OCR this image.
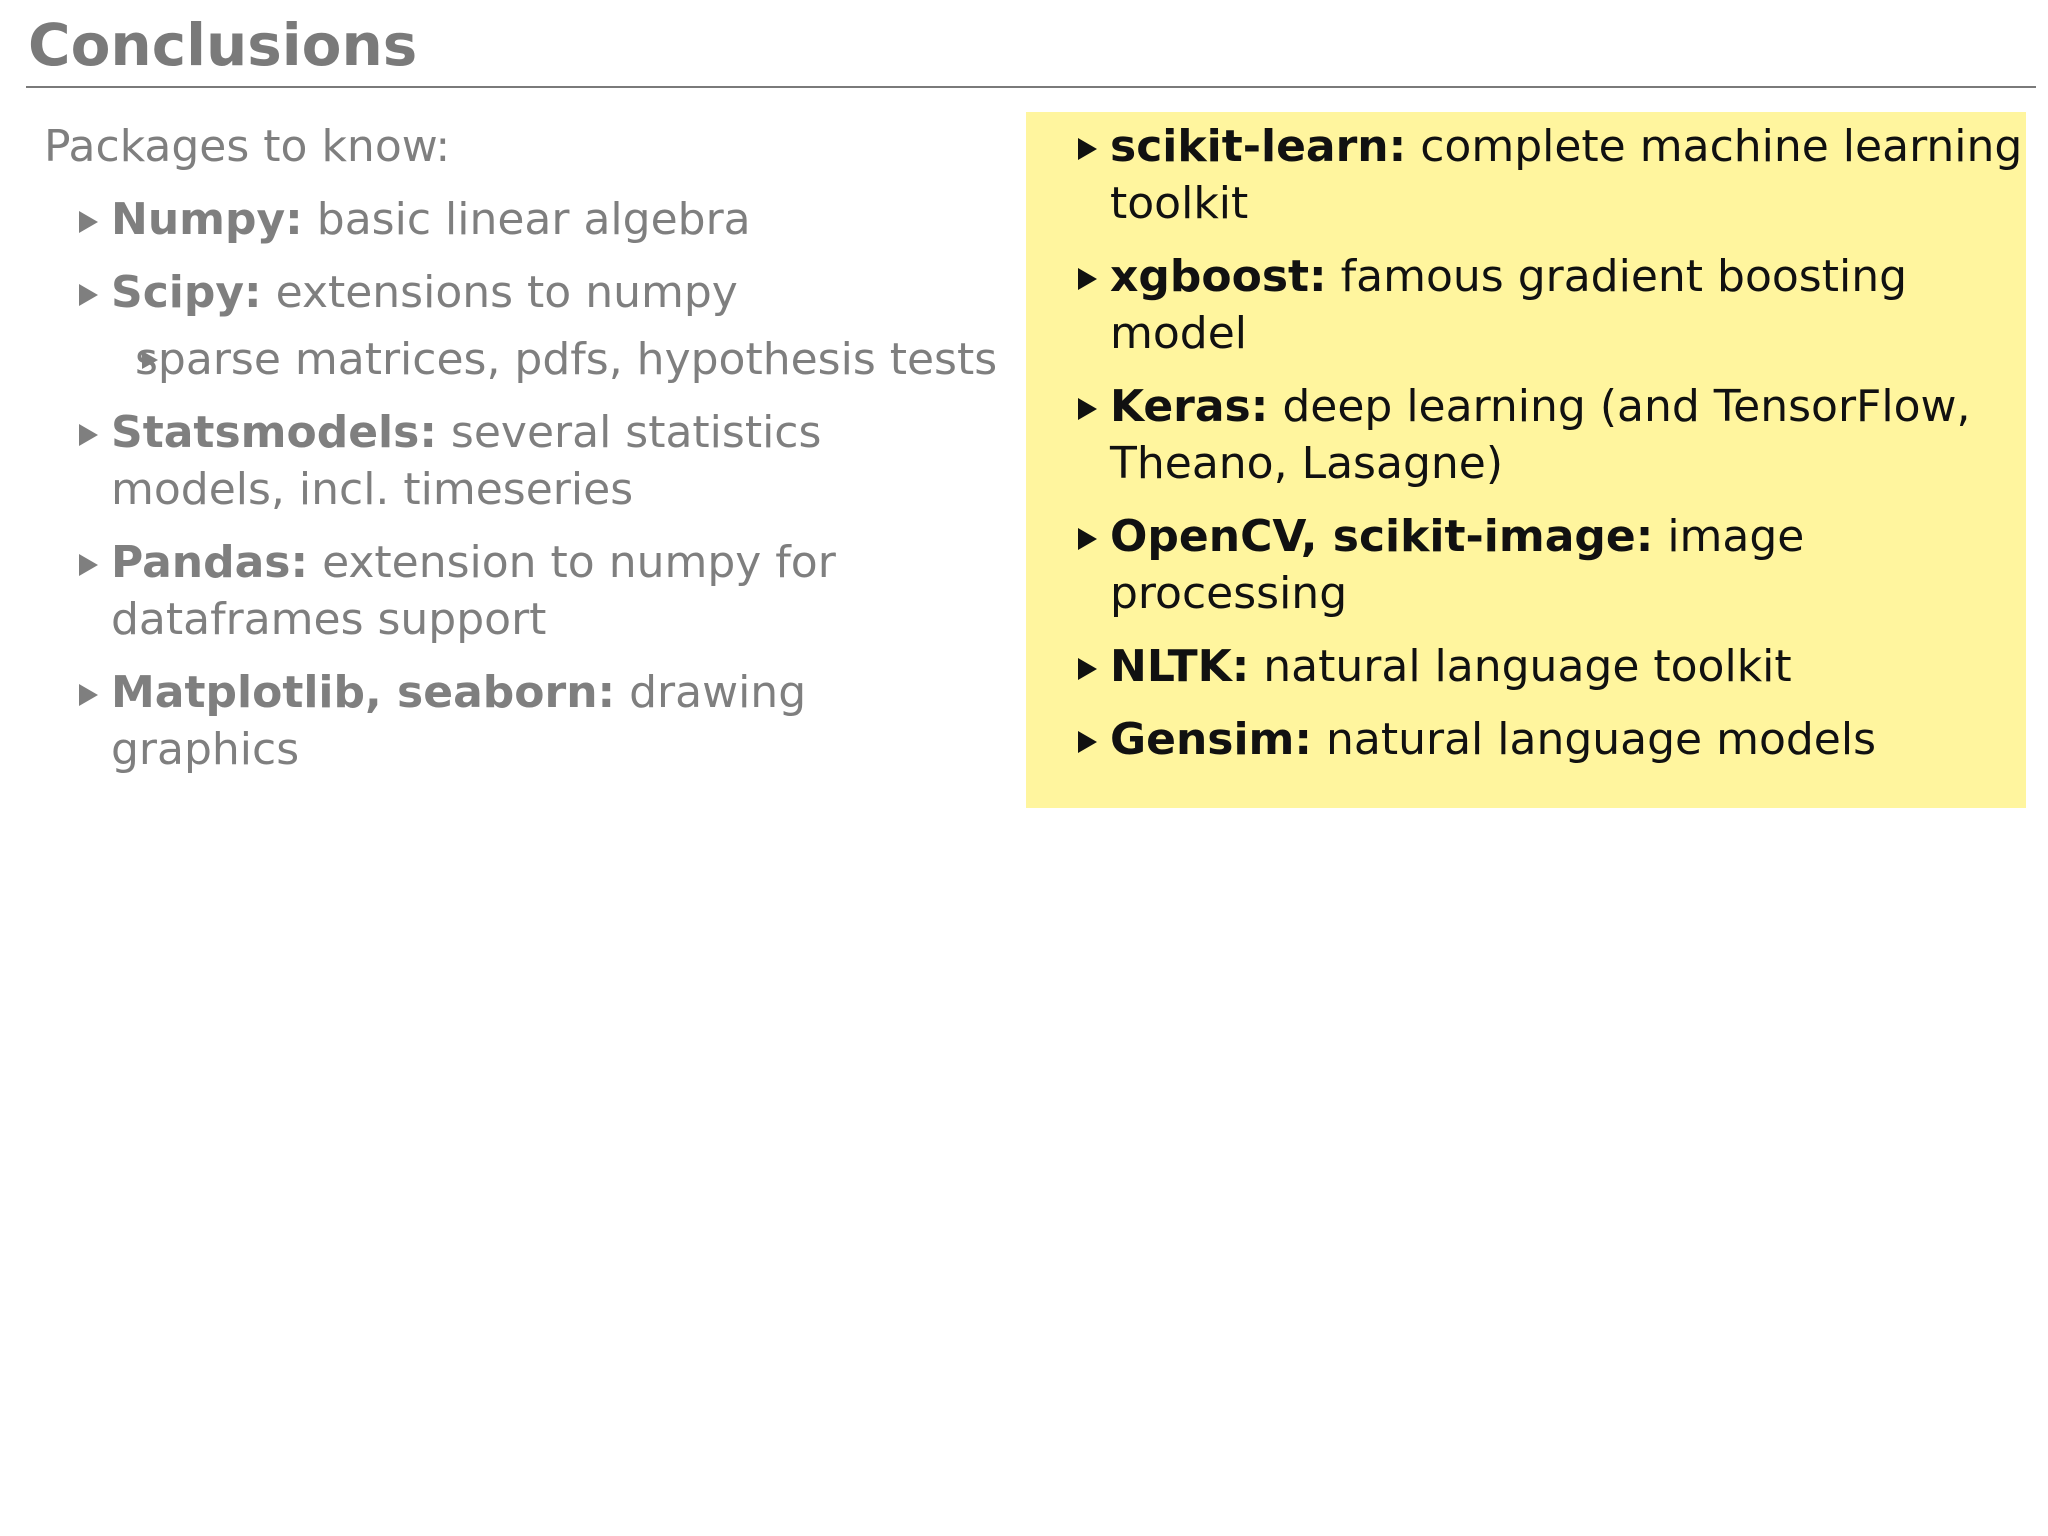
Conclusions
Packages to know:
Numpy: basic linear algebra
Scipy: extensions to numpy
sparse matrices, pdfs, hypothesis tests
Statsmodels: several statistics models, incl. timeseries
Pandas: extension to numpy for dataframes support
Matplotlib, seaborn: drawing graphics
scikit-learn: complete machine learning toolkit
xgboost: famous gradient boosting model
Keras: deep learning (and TensorFlow, Theano, Lasagne)
OpenCV, scikit-image: image processing
NLTK: natural language toolkit
Gensim: natural language models
